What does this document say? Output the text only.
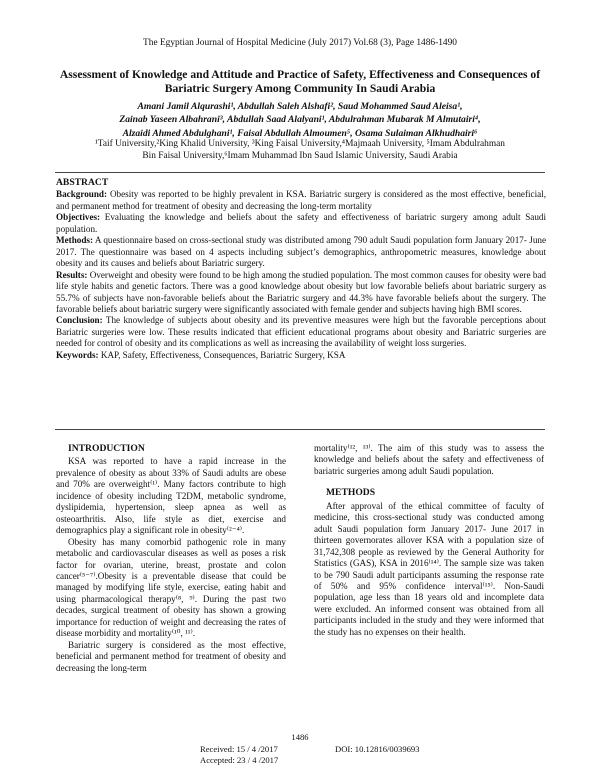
The Egyptian Journal of Hospital Medicine (July 2017) Vol.68 (3), Page 1486-1490
Assessment of Knowledge and Attitude and Practice of Safety, Effectiveness and Consequences of Bariatric Surgery Among Community In Saudi Arabia
Amani Jamil Alqurashi¹, Abdullah Saleh Alshafi², Saud Mohammed Saud Aleisa¹,
Zainab Yaseen Albahrani³, Abdullah Saad Alalyani¹, Abdulrahman Mubarak M Almutairi⁴,
Alzaidi Ahmed Abdulghani¹, Faisal Abdullah Almoumen⁵, Osama Sulaiman Alkhudhairi⁶
¹Taif University,²King Khalid University, ³King Faisal University,⁴Majmaah University, ⁵Imam Abdulrahman
Bin Faisal University,⁶Imam Muhammad Ibn Saud Islamic University, Saudi Arabia

ABSTRACT

Background: Obesity was reported to be highly prevalent in KSA. Bariatric surgery is considered as the most effective, beneficial, and permanent method for treatment of obesity and decreasing the long-term mortality

Objectives: Evaluating the knowledge and beliefs about the safety and effectiveness of bariatric surgery among adult Saudi population.

Methods: A questionnaire based on cross-sectional study was distributed among 790 adult Saudi population form January 2017- June 2017. The questionnaire was based on 4 aspects including subject’s demographics, anthropometric measures, knowledge about obesity and its causes and beliefs about Bariatric surgery.

Results: Overweight and obesity were found to be high among the studied population. The most common causes for obesity were bad life style habits and genetic factors. There was a good knowledge about obesity but low favorable beliefs about bariatric surgery as 55.7% of subjects have non-favorable beliefs about the Bariatric surgery and 44.3% have favorable beliefs about the surgery. The favorable beliefs about bariatric surgery were significantly associated with female gender and subjects having high BMI scores.

Conclusion: The knowledge of subjects about obesity and its preventive measures were high but the favorable perceptions about Bariatric surgeries were low. These results indicated that efficient educational programs about obesity and Bariatric surgeries are needed for control of obesity and its complications as well as increasing the availability of weight loss surgeries.

Keywords: KAP, Safety, Effectiveness, Consequences, Bariatric Surgery, KSA

INTRODUCTION

KSA was reported to have a rapid increase in the prevalence of obesity as about 33% of Saudi adults are obese and 70% are overweight⁽¹⁾. Many factors contribute to high incidence of obesity including T2DM, metabolic syndrome, dyslipidemia, hypertension, sleep apnea as well as osteoarthritis. Also, life style as diet, exercise and demographics play a significant role in obesity⁽²⁻⁴⁾.

Obesity has many comorbid pathogenic role in many metabolic and cardiovascular diseases as well as poses a risk factor for ovarian, uterine, breast, prostate and colon cancer⁽⁵⁻⁷⁾.Obesity is a preventable disease that could be managed by modifying life style, exercise, eating habit and using pharmacological therapy⁽⁸, ⁹⁾. During the past two decades, surgical treatment of obesity has shown a growing importance for reduction of weight and decreasing the rates of disease morbidity and mortality⁽¹⁰, ¹¹⁾.

Bariatric surgery is considered as the most effective, beneficial and permanent method for treatment of obesity and decreasing the long-term

mortality⁽¹², ¹³⁾. The aim of this study was to assess the knowledge and beliefs about the safety and effectiveness of bariatric surgeries among adult Saudi population.

METHODS

After approval of the ethical committee of faculty of medicine, this cross-sectional study was conducted among adult Saudi population form January 2017- June 2017 in thirteen governorates allover KSA with a population size of 31,742,308 people as reviewed by the General Authority for Statistics (GAS), KSA in 2016⁽¹⁴⁾. The sample size was taken to be 790 Saudi adult participants assuming the response rate of 50% and 95% confidence interval⁽¹⁵⁾. Non-Saudi population, age less than 18 years old and incomplete data were excluded. An informed consent was obtained from all participants included in the study and they were informed that the study has no expenses on their health.

1486
Received: 15 / 4 /2017
Accepted: 23 / 4 /2017
DOI: 10.12816/0039693
